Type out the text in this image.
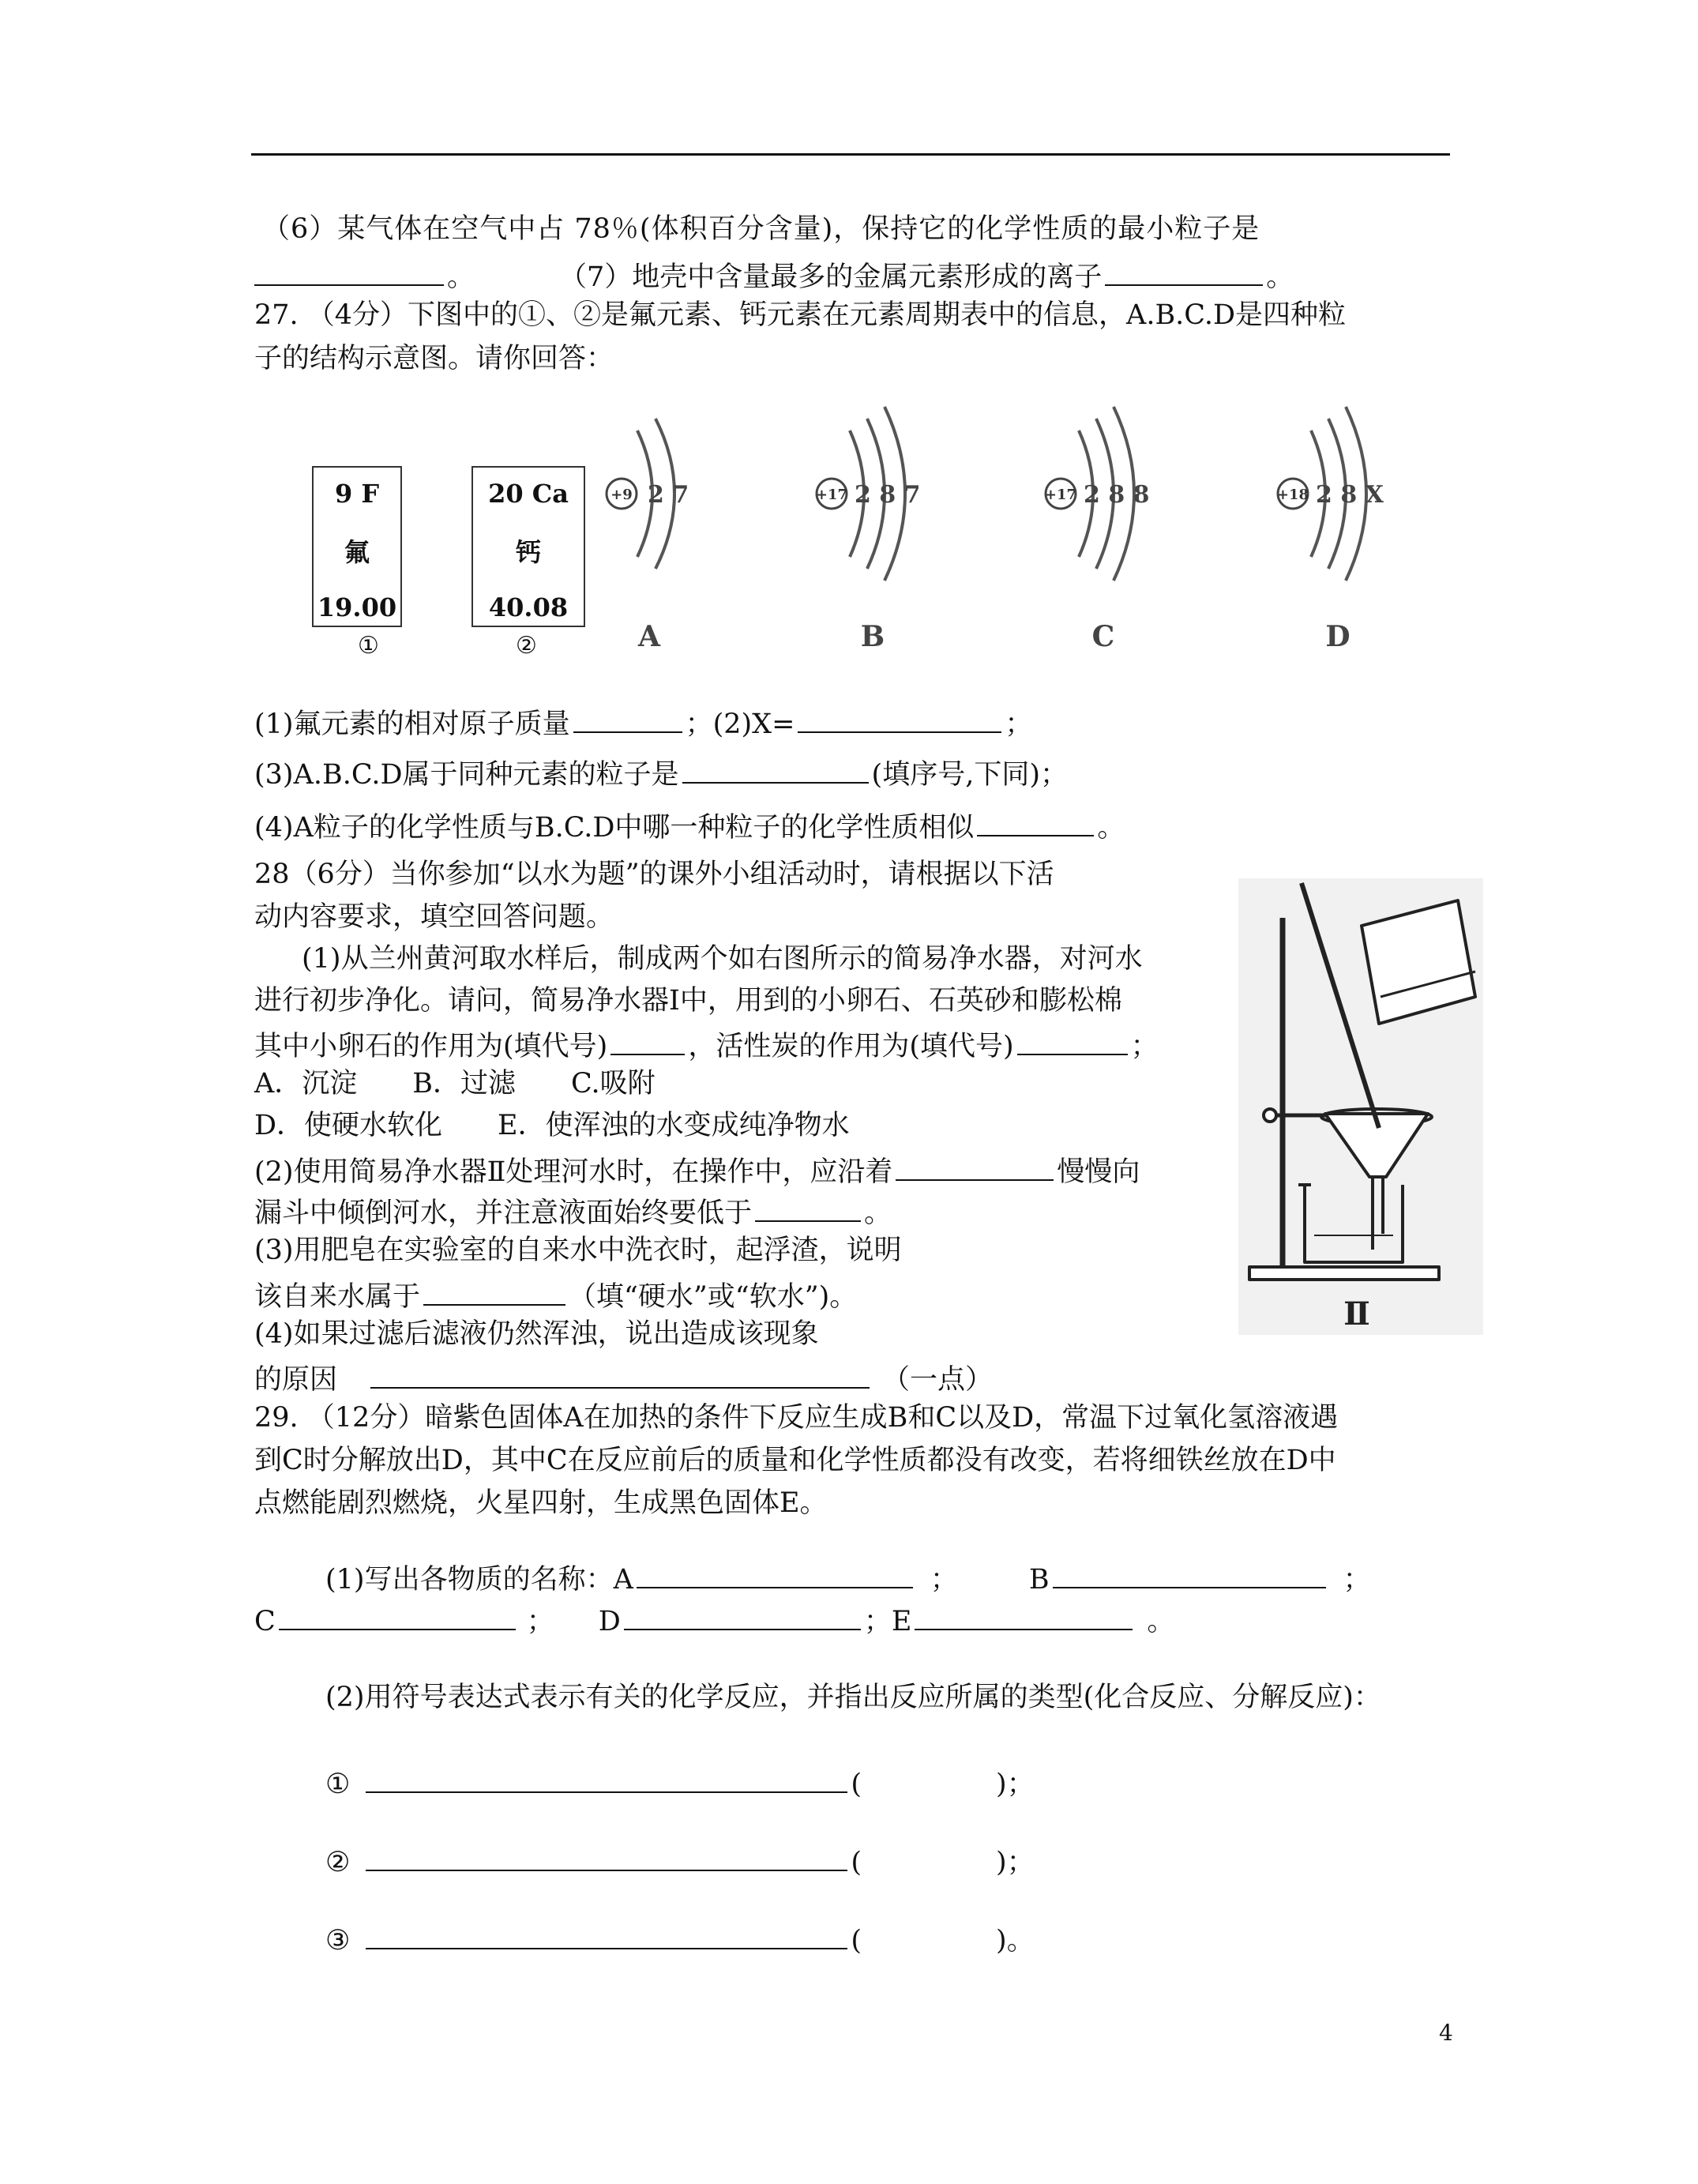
（6）某气体在空气中占 78％(体积百分含量)，保持它的化学性质的最小粒子是
。	（7）地壳中含量最多的金属元素形成的离子	。
27. （4分）下图中的①、②是氟元素、钙元素在元素周期表中的信息，A.B.C.D是四种粒
子的结构示意图。请你回答：
9 F
氟
19.00
①
20 Ca
钙
40.08
②
+9	+17	+17	+18
2 7	2 8 7	2 8 8	2 8 X
A	B	C	D
(1)氟元素的相对原子质量	；(2)X=	；
(3)A.B.C.D属于同种元素的粒子是	(填序号,下同)；
(4)A粒子的化学性质与B.C.D中哪一种粒子的化学性质相似	。
28（6分）当你参加“以水为题”的课外小组活动时，请根据以下活
动内容要求，填空回答问题。
(1)从兰州黄河取水样后，制成两个如右图所示的简易净水器，对河水
进行初步净化。请问，简易净水器Ⅰ中，用到的小卵石、石英砂和膨松棉
其中小卵石的作用为(填代号)	，活性炭的作用为(填代号)	；
A．沉淀　　B．过滤　　C.吸附
D．使硬水软化　　E．使浑浊的水变成纯净物水
(2)使用简易净水器Ⅱ处理河水时，在操作中，应沿着	慢慢向
漏斗中倾倒河水，并注意液面始终要低于	。
(3)用肥皂在实验室的自来水中洗衣时，起浮渣，说明
该自来水属于	（填“硬水”或“软水”)。
(4)如果过滤后滤液仍然浑浊，说出造成该现象
的原因	（一点）
Ⅱ
29. （12分）暗紫色固体A在加热的条件下反应生成B和C以及D，常温下过氧化氢溶液遇
到C时分解放出D，其中C在反应前后的质量和化学性质都没有改变，若将细铁丝放在D中
点燃能剧烈燃烧，火星四射，生成黑色固体E。
(1)写出各物质的名称：A	；	B	；
C	； D	；E	。
(2)用符号表达式表示有关的化学反应，并指出反应所属的类型(化合反应、分解反应)：
①	(	)；
②	(	)；
③	(	)。
4
